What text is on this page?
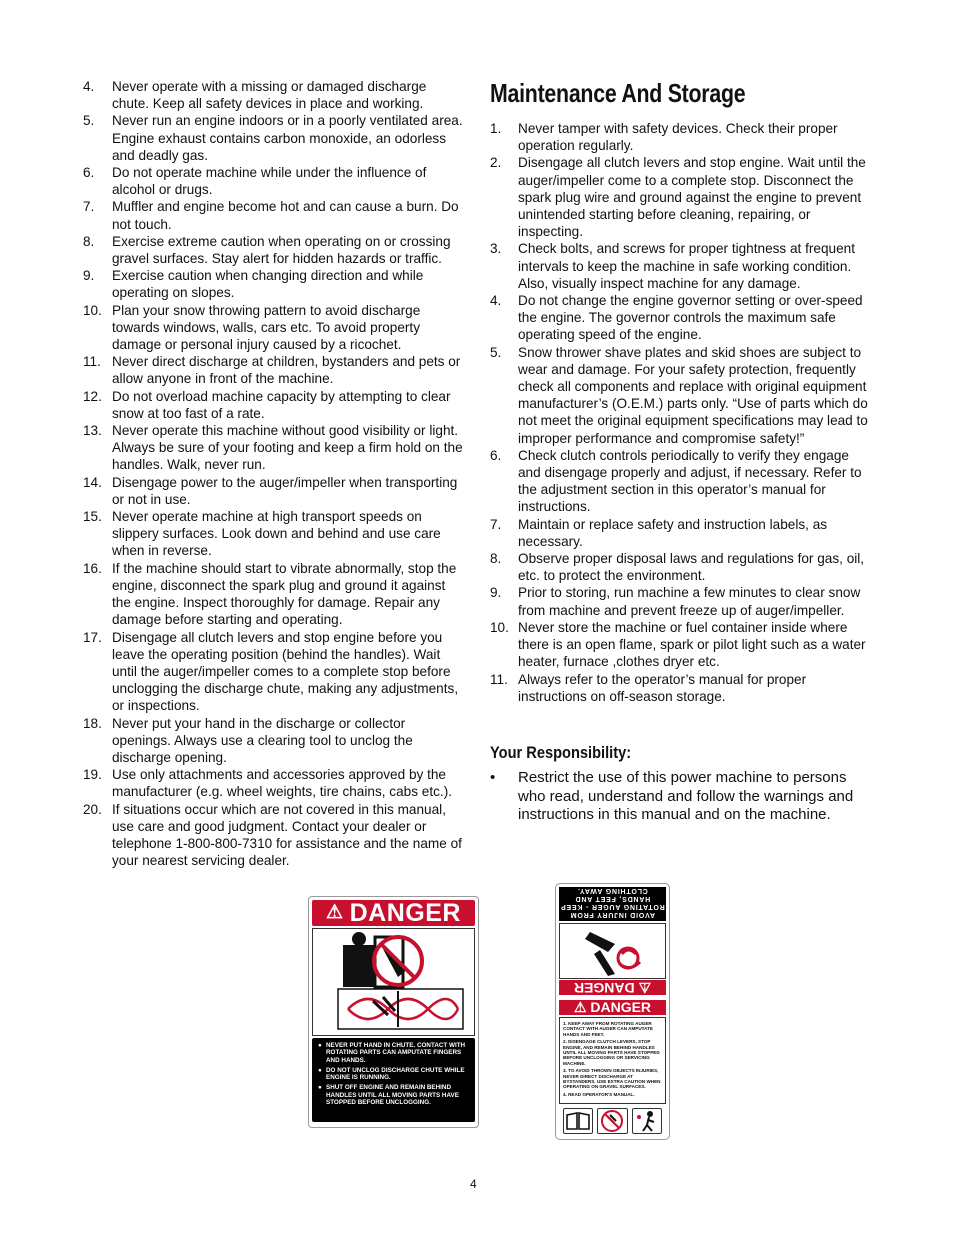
4. Never operate with a missing or damaged discharge chute. Keep all safety devices in place and working.
5. Never run an engine indoors or in a poorly ventilated area. Engine exhaust contains carbon monoxide, an odorless and deadly gas.
6. Do not operate machine while under the influence of alcohol or drugs.
7. Muffler and engine become hot and can cause a burn. Do not touch.
8. Exercise extreme caution when operating on or crossing gravel surfaces. Stay alert for hidden hazards or traffic.
9. Exercise caution when changing direction and while operating on slopes.
10. Plan your snow throwing pattern to avoid discharge towards windows, walls, cars etc. To avoid property damage or personal injury caused by a ricochet.
11. Never direct discharge at children, bystanders and pets or allow anyone in front of the machine.
12. Do not overload machine capacity by attempting to clear snow at too fast of a rate.
13. Never operate this machine without good visibility or light. Always be sure of your footing and keep a firm hold on the handles. Walk, never run.
14. Disengage power to the auger/impeller when transporting or not in use.
15. Never operate machine at high transport speeds on slippery surfaces. Look down and behind and use care when in reverse.
16. If the machine should start to vibrate abnormally, stop the engine, disconnect the spark plug and ground it against the engine. Inspect thoroughly for damage. Repair any damage before starting and operating.
17. Disengage all clutch levers and stop engine before you leave the operating position (behind the handles). Wait until the auger/impeller comes to a complete stop before unclogging the discharge chute, making any adjustments, or inspections.
18. Never put your hand in the discharge or collector openings. Always use a clearing tool to unclog the discharge opening.
19. Use only attachments and accessories approved by the manufacturer (e.g. wheel weights, tire chains, cabs etc.).
20. If situations occur which are not covered in this manual, use care and good judgment. Contact your dealer or telephone 1-800-800-7310 for assistance and the name of your nearest servicing dealer.
Maintenance And Storage
1. Never tamper with safety devices. Check their proper operation regularly.
2. Disengage all clutch levers and stop engine. Wait until the auger/impeller come to a complete stop. Disconnect the spark plug wire and ground against the engine to prevent unintended starting before cleaning, repairing, or inspecting.
3. Check bolts, and screws for proper tightness at frequent intervals to keep the machine in safe working condition. Also, visually inspect machine for any damage.
4. Do not change the engine governor setting or over-speed the engine. The governor controls the maximum safe operating speed of the engine.
5. Snow thrower shave plates and skid shoes are subject to wear and damage. For your safety protection, frequently check all components and replace with original equipment manufacturer’s (O.E.M.) parts only. “Use of parts which do not meet the original equipment specifications may lead to improper performance and compromise safety!”
6. Check clutch controls periodically to verify they engage and disengage properly and adjust, if necessary. Refer to the adjustment section in this operator’s manual for instructions.
7. Maintain or replace safety and instruction labels, as necessary.
8. Observe proper disposal laws and regulations for gas, oil, etc. to protect the environment.
9. Prior to storing, run machine a few minutes to clear snow from machine and prevent freeze up of auger/impeller.
10. Never store the machine or fuel container inside where there is an open flame, spark or pilot light such as a water heater, furnace ,clothes dryer etc.
11. Always refer to the operator’s manual for proper instructions on off-season storage.
Your Responsibility:
• Restrict the use of this power machine to persons who read, understand and follow the warnings and instructions in this manual and on the machine.
⚠ DANGER
● NEVER PUT HAND IN CHUTE. CONTACT WITH ROTATING PARTS CAN AMPUTATE FINGERS AND HANDS.
● DO NOT UNCLOG DISCHARGE CHUTE WHILE ENGINE IS RUNNING.
● SHUT OFF ENGINE AND REMAIN BEHIND HANDLES UNTIL ALL MOVING PARTS HAVE STOPPED BEFORE UNCLOGGING.
AVOID INJURY FROM ROTATING AUGER - KEEP HANDS, FEET AND CLOTHING AWAY.
⚠ DANGER
⚠ DANGER
1. KEEP AWAY FROM ROTATING AUGER CONTACT WITH AUGER CAN AMPUTATE HANDS AND FEET.
2. DISENGAGE CLUTCH LEVERS, STOP ENGINE, AND REMAIN BEHIND HANDLES UNTIL ALL MOVING PARTS HAVE STOPPED BEFORE UNCLOGGING OR SERVICING MACHINE.
3. TO AVOID THROWN OBJECTS INJURIES, NEVER DIRECT DISCHARGE AT BYSTANDERS. USE EXTRA CAUTION WHEN OPERATING ON GRAVEL SURFACES.
4. READ OPERATOR'S MANUAL.
4
